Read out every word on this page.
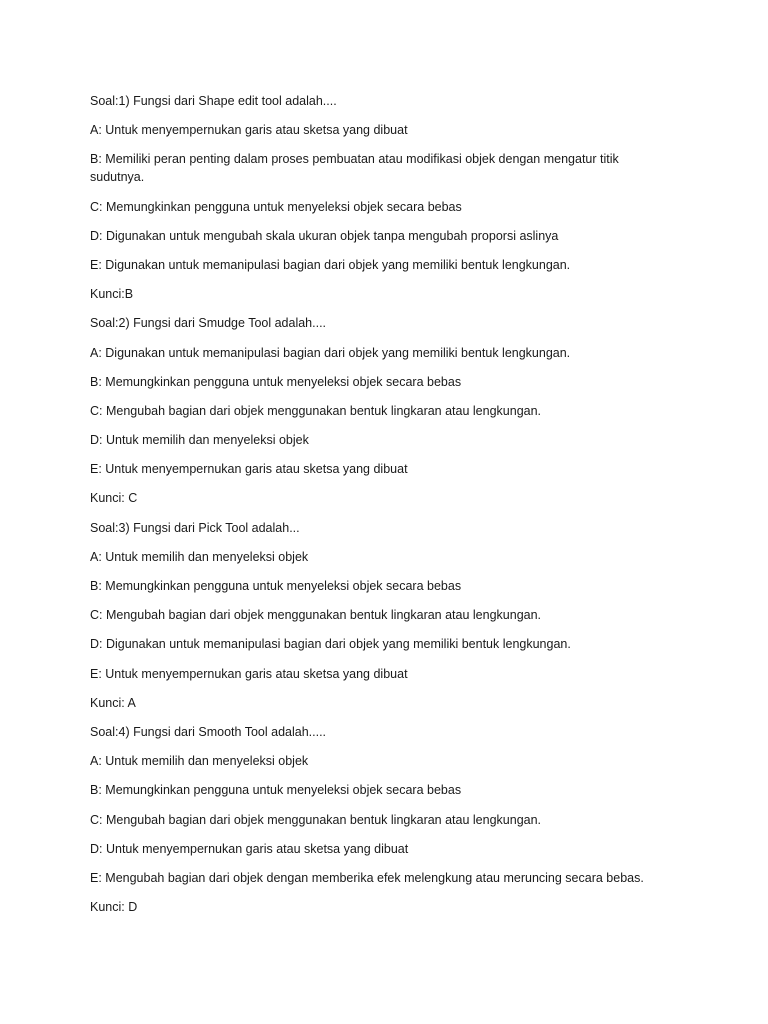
Soal:1) Fungsi dari Shape edit tool adalah....

A: Untuk menyempernukan garis atau sketsa yang dibuat

B: Memiliki peran penting dalam proses pembuatan atau modifikasi objek dengan mengatur titik sudutnya.

C: Memungkinkan pengguna untuk menyeleksi objek secara bebas

D: Digunakan untuk mengubah skala ukuran objek tanpa mengubah proporsi aslinya

E: Digunakan untuk memanipulasi bagian dari objek yang memiliki bentuk lengkungan.

Kunci:B

Soal:2) Fungsi dari Smudge Tool adalah....

A: Digunakan untuk memanipulasi bagian dari objek yang memiliki bentuk lengkungan.

B: Memungkinkan pengguna untuk menyeleksi objek secara bebas

C: Mengubah bagian dari objek menggunakan bentuk lingkaran atau lengkungan.

D: Untuk memilih dan menyeleksi objek

E: Untuk menyempernukan garis atau sketsa yang dibuat

Kunci: C

Soal:3) Fungsi dari Pick Tool adalah...

A: Untuk memilih dan menyeleksi objek

B: Memungkinkan pengguna untuk menyeleksi objek secara bebas

C: Mengubah bagian dari objek menggunakan bentuk lingkaran atau lengkungan.

D: Digunakan untuk memanipulasi bagian dari objek yang memiliki bentuk lengkungan.

E: Untuk menyempernukan garis atau sketsa yang dibuat

Kunci: A

Soal:4) Fungsi dari Smooth Tool adalah.....

A: Untuk memilih dan menyeleksi objek

B: Memungkinkan pengguna untuk menyeleksi objek secara bebas

C: Mengubah bagian dari objek menggunakan bentuk lingkaran atau lengkungan.

D: Untuk menyempernukan garis atau sketsa yang dibuat

E: Mengubah bagian dari objek dengan memberika efek melengkung atau meruncing secara bebas.

Kunci: D
